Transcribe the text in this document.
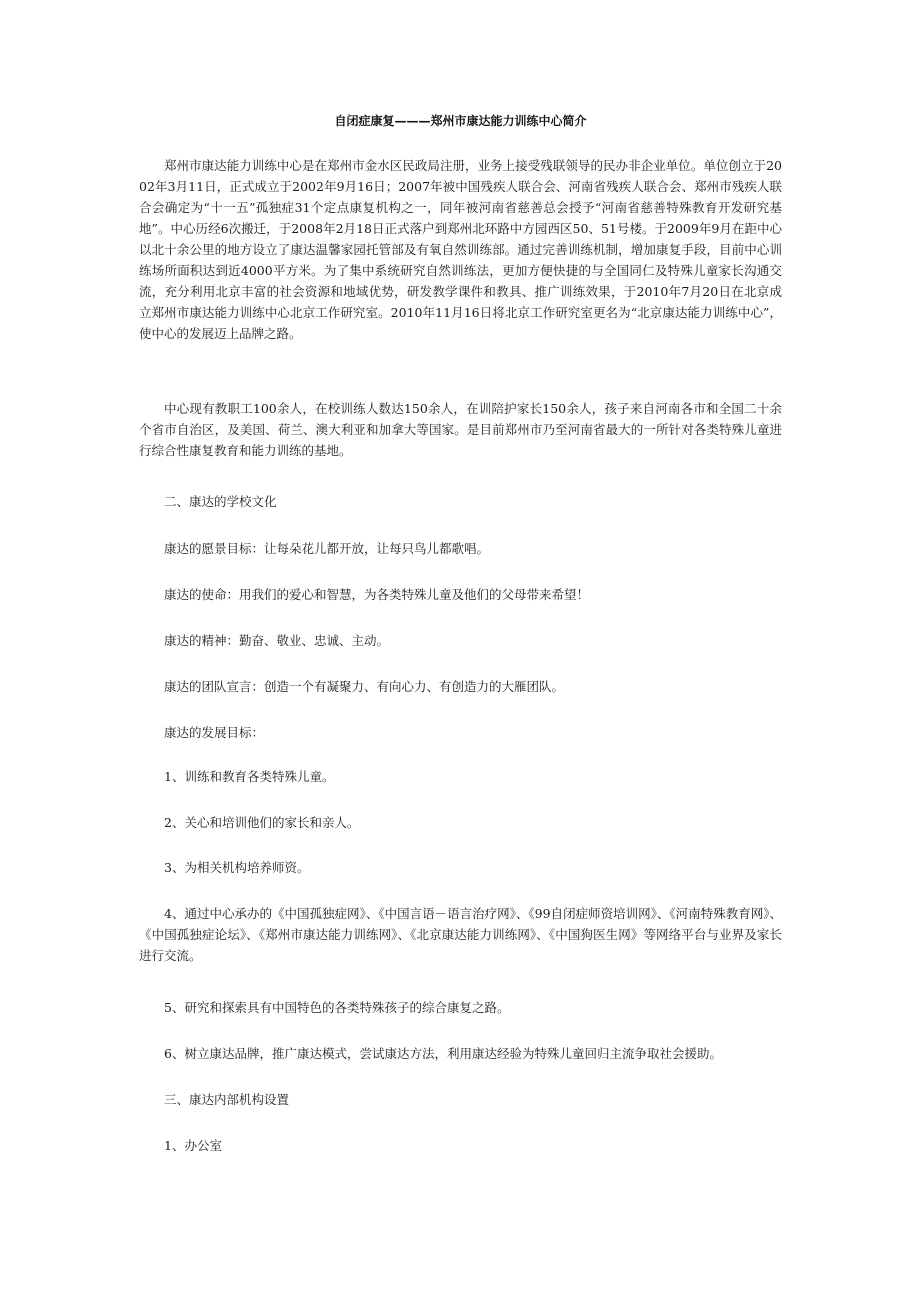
自闭症康复———郑州市康达能力训练中心简介

郑州市康达能力训练中心是在郑州市金水区民政局注册，业务上接受残联领导的民办非企业单位。单位创立于2002年3月11日，正式成立于2002年9月16日；2007年被中国残疾人联合会、河南省残疾人联合会、郑州市残疾人联合会确定为“十一五”孤独症31个定点康复机构之一，同年被河南省慈善总会授予“河南省慈善特殊教育开发研究基地”。中心历经6次搬迁，于2008年2月18日正式落户到郑州北环路中方园西区50、51号楼。于2009年9月在距中心以北十余公里的地方设立了康达温馨家园托管部及有氧自然训练部。通过完善训练机制，增加康复手段，目前中心训练场所面积达到近4000平方米。为了集中系统研究自然训练法，更加方便快捷的与全国同仁及特殊儿童家长沟通交流，充分利用北京丰富的社会资源和地域优势，研发教学课件和教具、推广训练效果，于2010年7月20日在北京成立郑州市康达能力训练中心北京工作研究室。2010年11月16日将北京工作研究室更名为“北京康达能力训练中心”，使中心的发展迈上品牌之路。

中心现有教职工100余人，在校训练人数达150余人，在训陪护家长150余人，孩子来自河南各市和全国二十余个省市自治区，及美国、荷兰、澳大利亚和加拿大等国家。是目前郑州市乃至河南省最大的一所针对各类特殊儿童进行综合性康复教育和能力训练的基地。

二、康达的学校文化
康达的愿景目标：让每朵花儿都开放，让每只鸟儿都歌唱。
康达的使命：用我们的爱心和智慧，为各类特殊儿童及他们的父母带来希望！
康达的精神：勤奋、敬业、忠诚、主动。
康达的团队宣言：创造一个有凝聚力、有向心力、有创造力的大雁团队。
康达的发展目标：
1、训练和教育各类特殊儿童。
2、关心和培训他们的家长和亲人。
3、为相关机构培养师资。

4、通过中心承办的《中国孤独症网》、《中国言语－语言治疗网》、《99自闭症师资培训网》、《河南特殊教育网》、《中国孤独症论坛》、《郑州市康达能力训练网》、《北京康达能力训练网》、《中国狗医生网》等网络平台与业界及家长进行交流。

5、研究和探索具有中国特色的各类特殊孩子的综合康复之路。
6、树立康达品牌，推广康达模式，尝试康达方法，利用康达经验为特殊儿童回归主流争取社会援助。
三、康达内部机构设置
1、办公室
